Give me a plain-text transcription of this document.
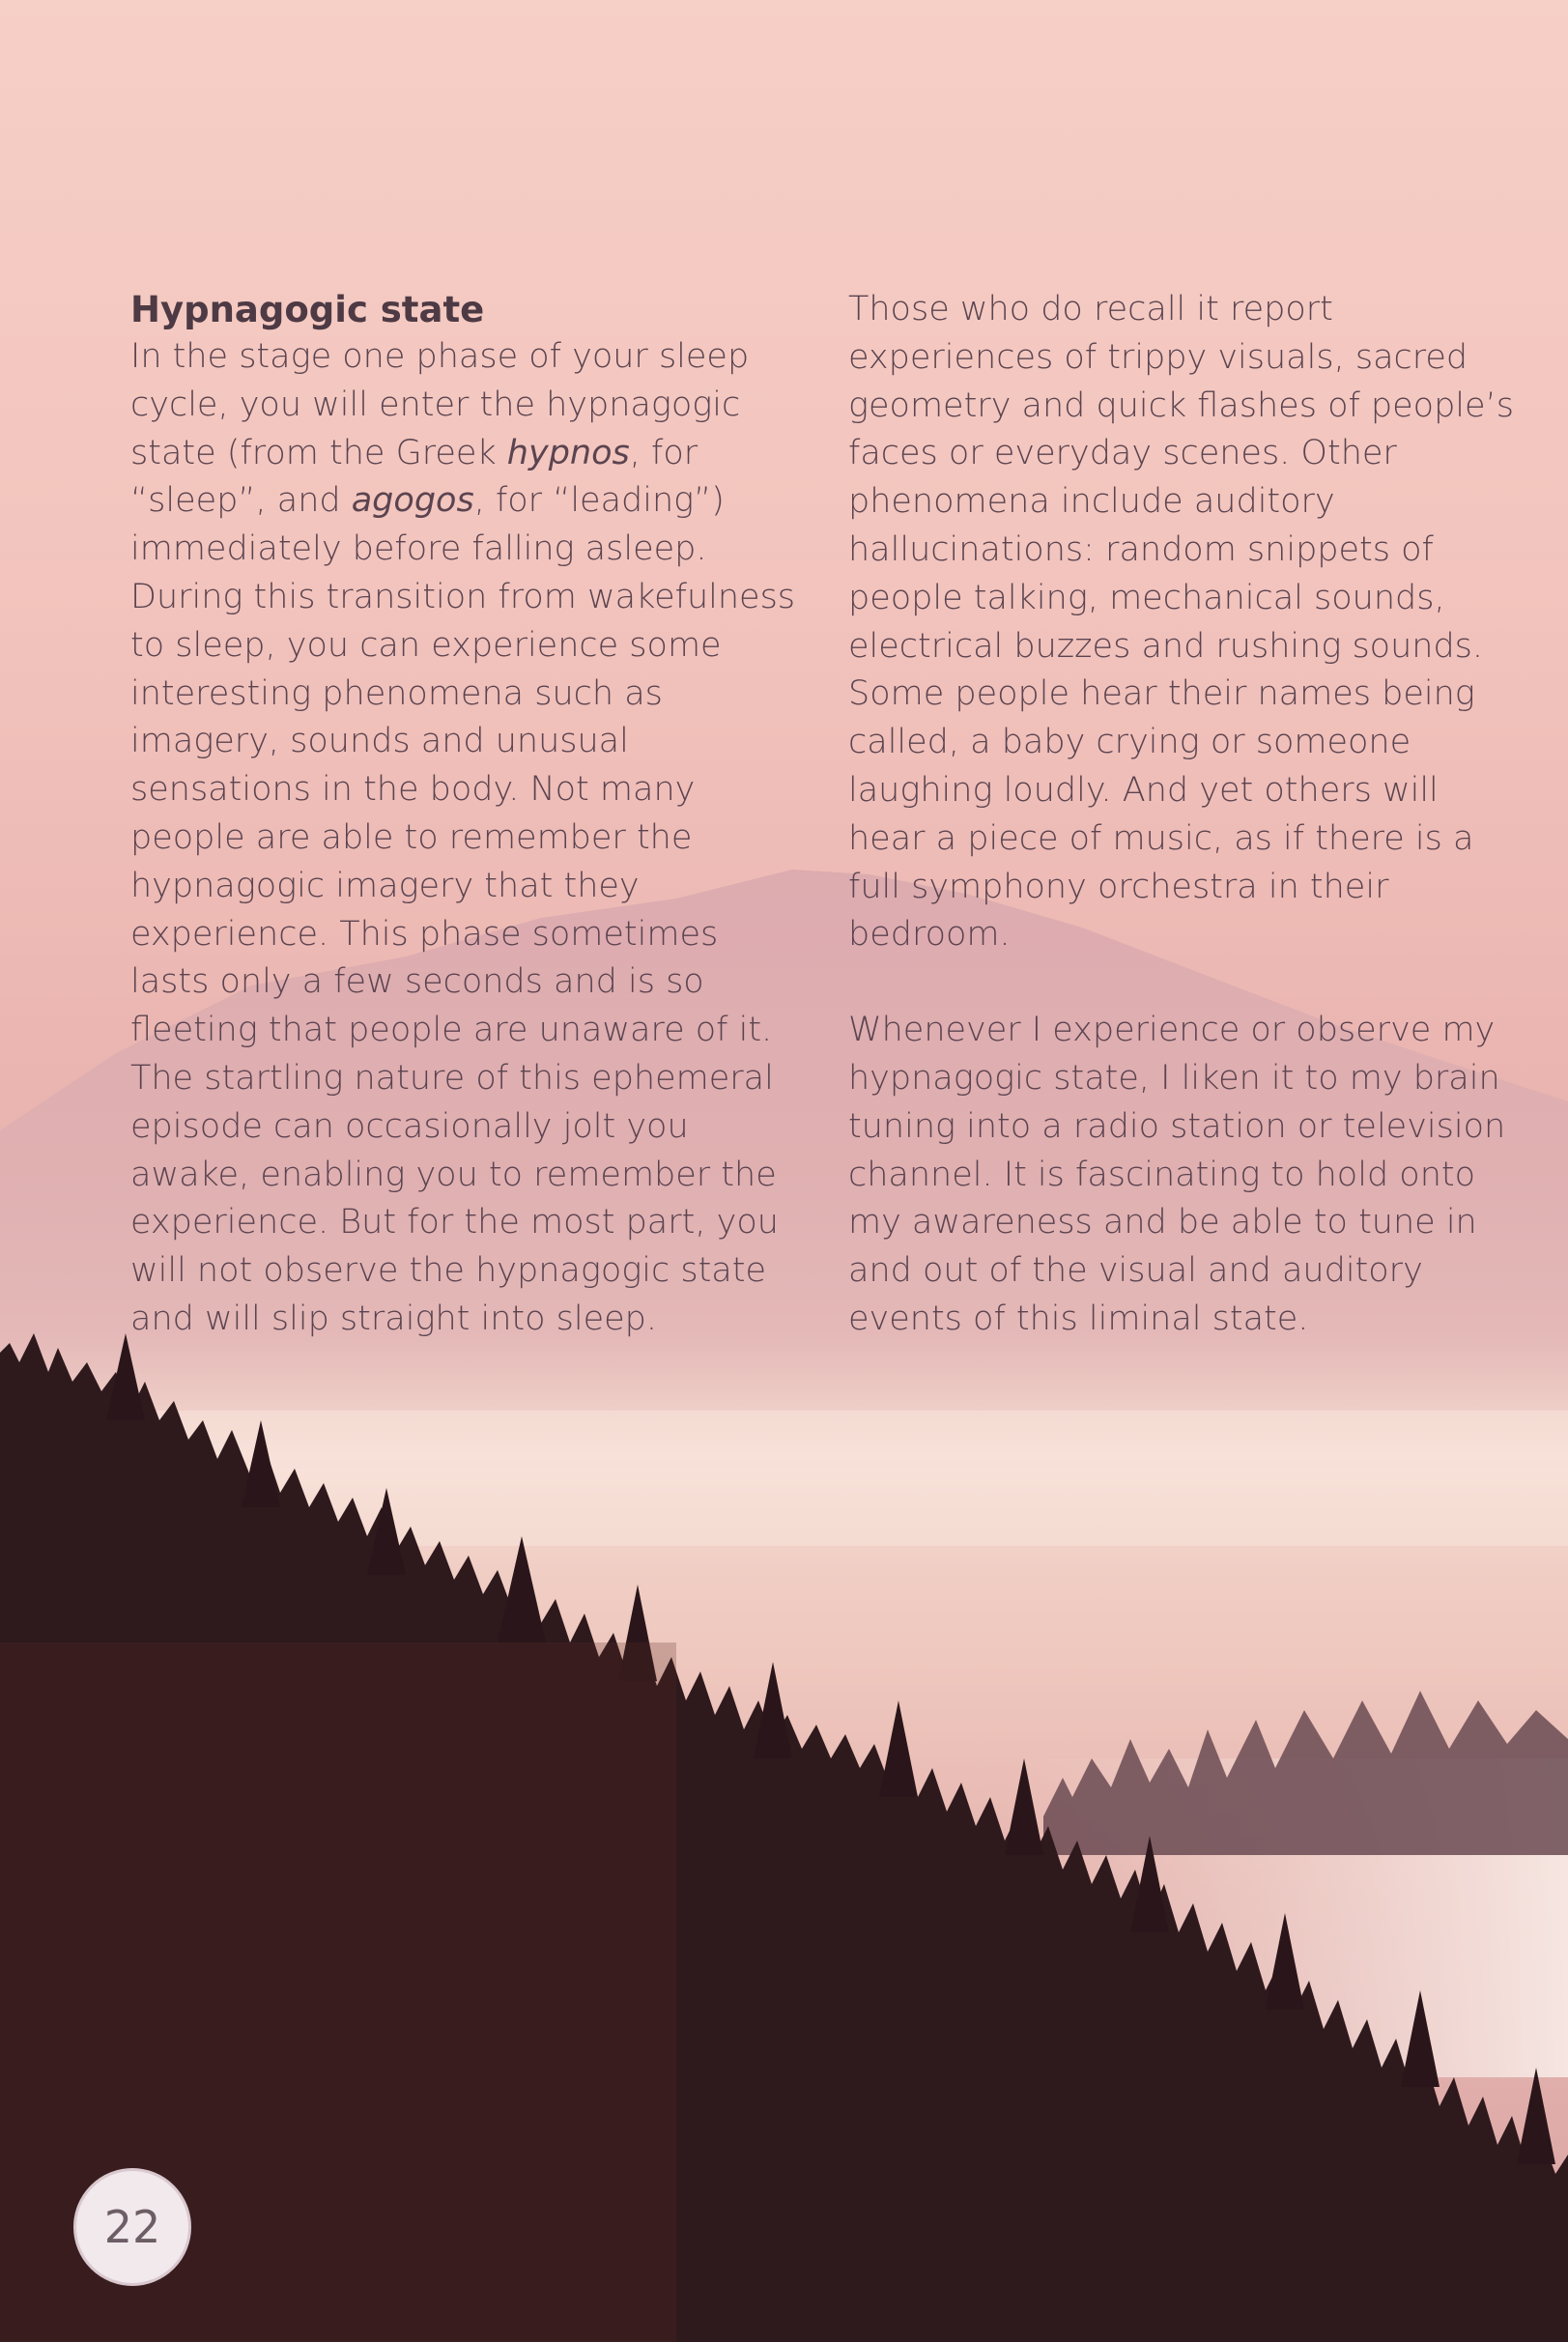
Hypnagogic state
In the stage one phase of your sleep cycle, you will enter the hypnagogic state (from the Greek hypnos, for “sleep”, and agogos, for “leading”) immediately before falling asleep. During this transition from wakefulness to sleep, you can experience some interesting phenomena such as imagery, sounds and unusual sensations in the body. Not many people are able to remember the hypnagogic imagery that they experience. This phase sometimes lasts only a few seconds and is so fleeting that people are unaware of it. The startling nature of this ephemeral episode can occasionally jolt you awake, enabling you to remember the experience. But for the most part, you will not observe the hypnagogic state and will slip straight into sleep.
Those who do recall it report experiences of trippy visuals, sacred geometry and quick flashes of people’s faces or everyday scenes. Other phenomena include auditory hallucinations: random snippets of people talking, mechanical sounds, electrical buzzes and rushing sounds. Some people hear their names being called, a baby crying or someone laughing loudly. And yet others will hear a piece of music, as if there is a full symphony orchestra in their bedroom.
Whenever I experience or observe my hypnagogic state, I liken it to my brain tuning into a radio station or television channel. It is fascinating to hold onto my awareness and be able to tune in and out of the visual and auditory events of this liminal state.
22
